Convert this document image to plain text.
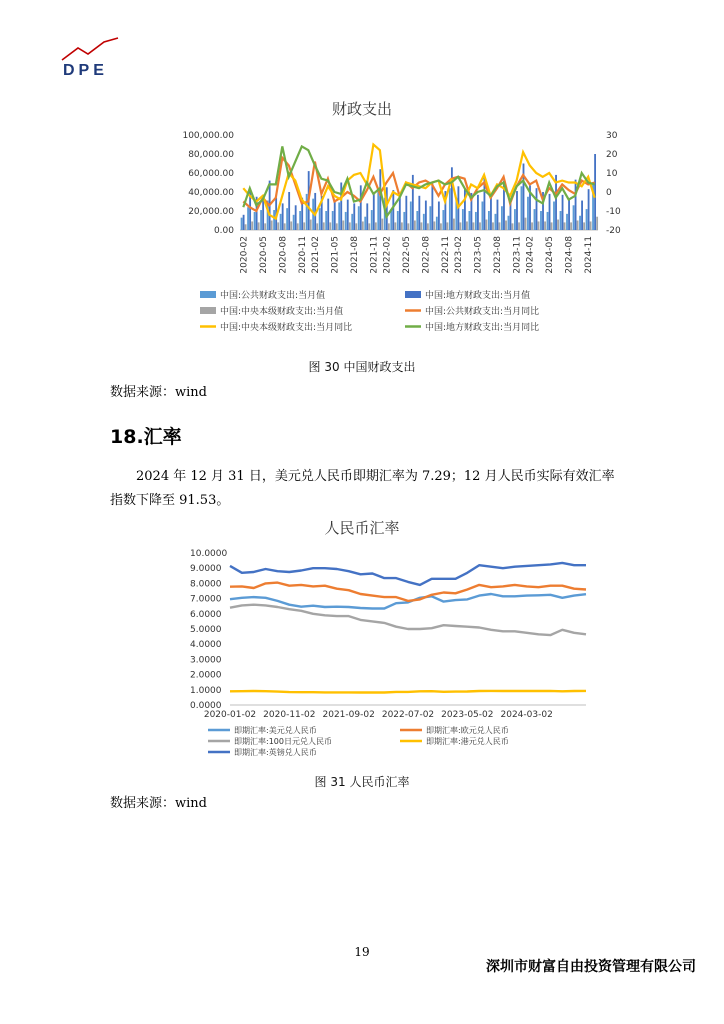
DPE
财政支出
0.00
20,000.00
40,000.00
60,000.00
80,000.00
100,000.00
-20
-10
0
10
20
30
2020-02 2020-05 2020-08 2020-11 2021-02 2021-05 2021-08 2021-11 2022-02 2022-05 2022-08 2022-11 2023-02 2023-05 2023-08 2023-11 2024-02 2024-05 2024-08 2024-11
中国:公共财政支出:当月值	中国:地方财政支出:当月值
中国:中央本级财政支出:当月值	中国:公共财政支出:当月同比
中国:中央本级财政支出:当月同比	中国:地方财政支出:当月同比
图 30 中国财政支出
数据来源：wind
18.汇率
2024 年 12 月 31 日，美元兑人民币即期汇率为 7.29；12 月人民币实际有效汇率指数下降至 91.53。
人民币汇率
0.0000
1.0000
2.0000
3.0000
4.0000
5.0000
6.0000
7.0000
8.0000
9.0000
10.0000
2020-01-02 2020-11-02 2021-09-02 2022-07-02 2023-05-02 2024-03-02
即期汇率:美元兑人民币	即期汇率:欧元兑人民币
即期汇率:100日元兑人民币	即期汇率:港元兑人民币
即期汇率:英镑兑人民币
图 31 人民币汇率
数据来源：wind
19
深圳市财富自由投资管理有限公司
